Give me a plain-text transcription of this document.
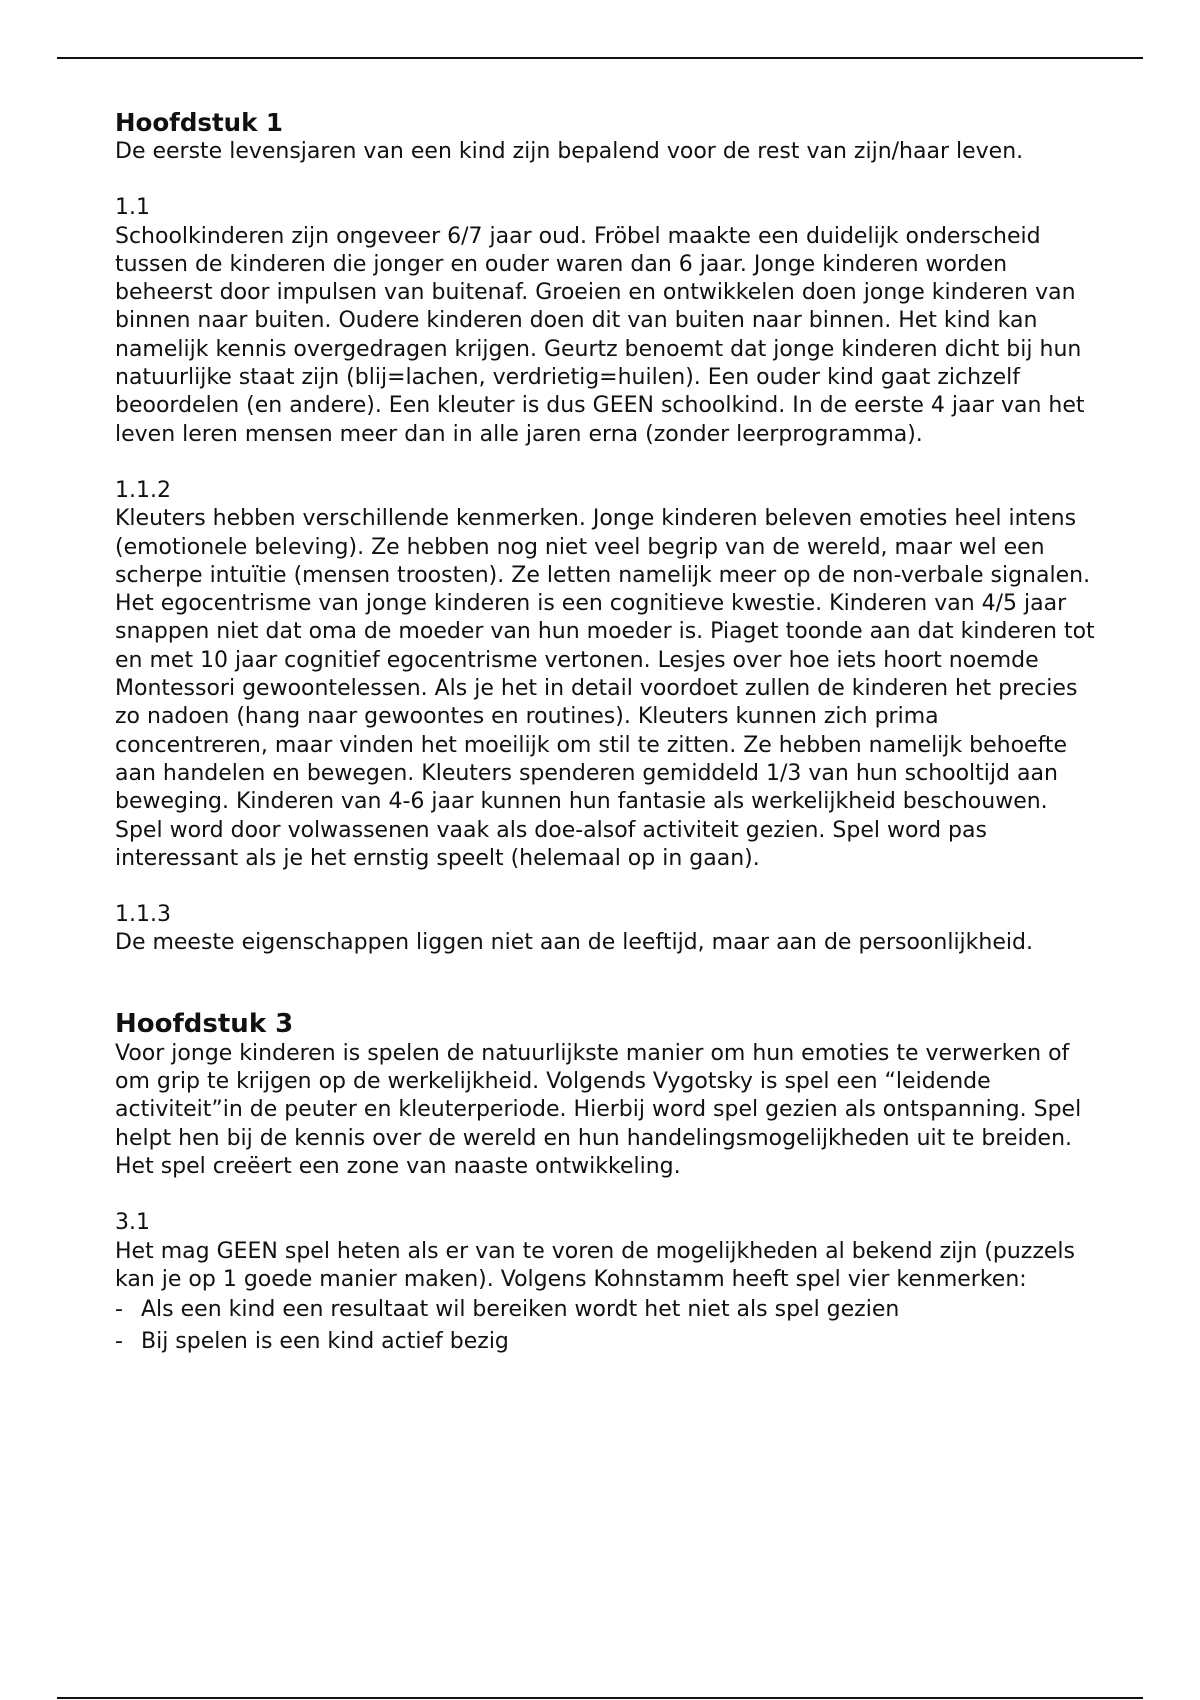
Hoofdstuk 1

De eerste levensjaren van een kind zijn bepalend voor de rest van zijn/haar leven.

1.1

Schoolkinderen zijn ongeveer 6/7 jaar oud. Fröbel maakte een duidelijk onderscheid tussen de kinderen die jonger en ouder waren dan 6 jaar. Jonge kinderen worden beheerst door impulsen van buitenaf. Groeien en ontwikkelen doen jonge kinderen van binnen naar buiten. Oudere kinderen doen dit van buiten naar binnen. Het kind kan namelijk kennis overgedragen krijgen. Geurtz benoemt dat jonge kinderen dicht bij hun natuurlijke staat zijn (blij=lachen, verdrietig=huilen). Een ouder kind gaat zichzelf beoordelen (en andere). Een kleuter is dus GEEN schoolkind. In de eerste 4 jaar van het leven leren mensen meer dan in alle jaren erna (zonder leerprogramma).

1.1.2

Kleuters hebben verschillende kenmerken. Jonge kinderen beleven emoties heel intens (emotionele beleving). Ze hebben nog niet veel begrip van de wereld, maar wel een scherpe intuïtie (mensen troosten). Ze letten namelijk meer op de non-verbale signalen. Het egocentrisme van jonge kinderen is een cognitieve kwestie. Kinderen van 4/5 jaar snappen niet dat oma de moeder van hun moeder is. Piaget toonde aan dat kinderen tot en met 10 jaar cognitief egocentrisme vertonen. Lesjes over hoe iets hoort noemde Montessori gewoontelessen. Als je het in detail voordoet zullen de kinderen het precies zo nadoen (hang naar gewoontes en routines). Kleuters kunnen zich prima concentreren, maar vinden het moeilijk om stil te zitten. Ze hebben namelijk behoefte aan handelen en bewegen. Kleuters spenderen gemiddeld 1/3 van hun schooltijd aan beweging. Kinderen van 4-6 jaar kunnen hun fantasie als werkelijkheid beschouwen. Spel word door volwassenen vaak als doe-alsof activiteit gezien. Spel word pas interessant als je het ernstig speelt (helemaal op in gaan).

1.1.3

De meeste eigenschappen liggen niet aan de leeftijd, maar aan de persoonlijkheid.

Hoofdstuk 3

Voor jonge kinderen is spelen de natuurlijkste manier om hun emoties te verwerken of om grip te krijgen op de werkelijkheid. Volgends Vygotsky is spel een “leidende activiteit”in de peuter en kleuterperiode. Hierbij word spel gezien als ontspanning. Spel helpt hen bij de kennis over de wereld en hun handelingsmogelijkheden uit te breiden. Het spel creëert een zone van naaste ontwikkeling.

3.1

Het mag GEEN spel heten als er van te voren de mogelijkheden al bekend zijn (puzzels kan je op 1 goede manier maken). Volgens Kohnstamm heeft spel vier kenmerken:

- Als een kind een resultaat wil bereiken wordt het niet als spel gezien
- Bij spelen is een kind actief bezig
